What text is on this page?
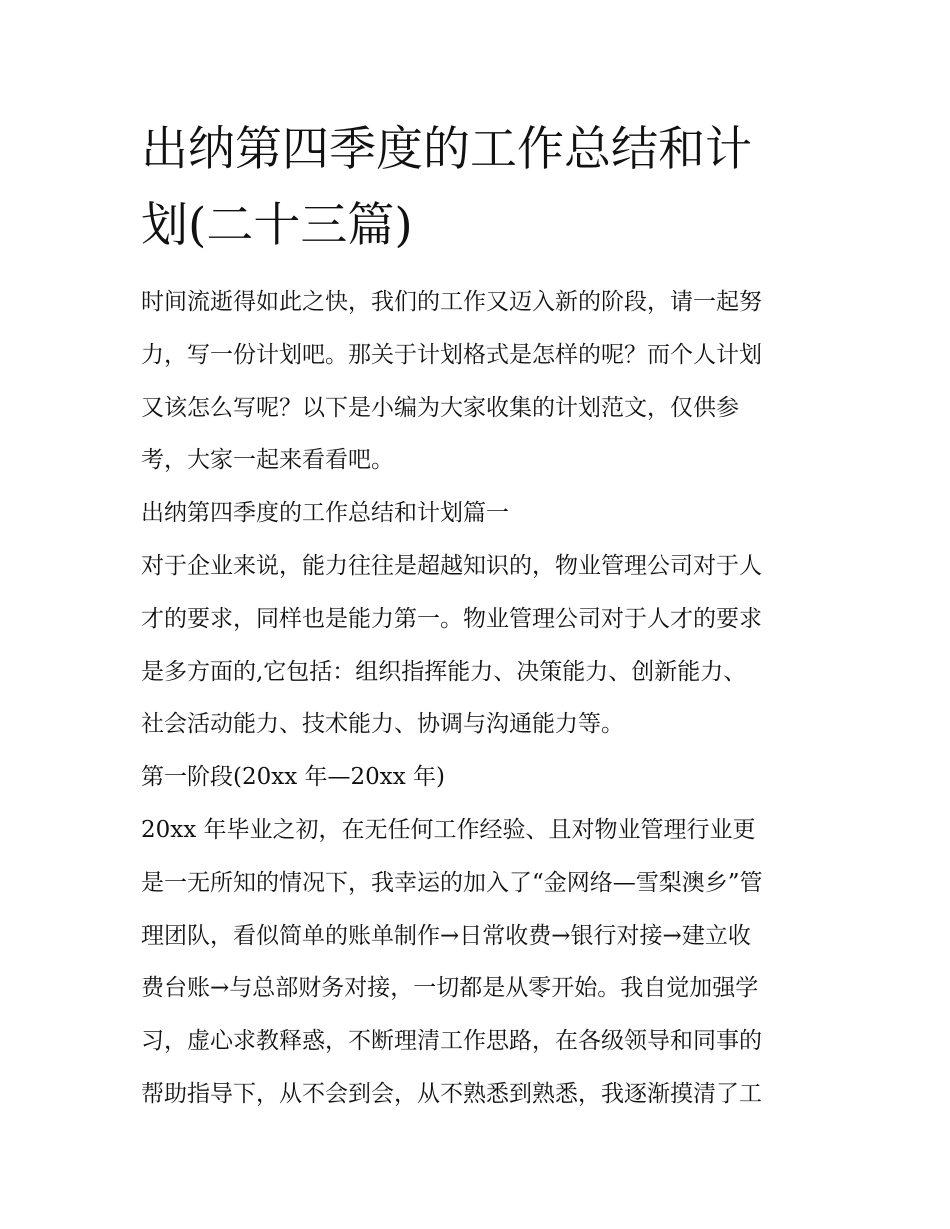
出纳第四季度的工作总结和计
划(二十三篇)
时间流逝得如此之快，我们的工作又迈入新的阶段，请一起努
力，写一份计划吧。那关于计划格式是怎样的呢？而个人计划
又该怎么写呢？以下是小编为大家收集的计划范文，仅供参
考，大家一起来看看吧。
出纳第四季度的工作总结和计划篇一
对于企业来说，能力往往是超越知识的，物业管理公司对于人
才的要求，同样也是能力第一。物业管理公司对于人才的要求
是多方面的,它包括：组织指挥能力、决策能力、创新能力、
社会活动能力、技术能力、协调与沟通能力等。
第一阶段(20xx 年—20xx 年)
20xx 年毕业之初，在无任何工作经验、且对物业管理行业更
是一无所知的情况下，我幸运的加入了“金网络—雪梨澳乡”管
理团队，看似简单的账单制作→日常收费→银行对接→建立收
费台账→与总部财务对接，一切都是从零开始。我自觉加强学
习，虚心求教释惑，不断理清工作思路，在各级领导和同事的
帮助指导下，从不会到会，从不熟悉到熟悉，我逐渐摸清了工
